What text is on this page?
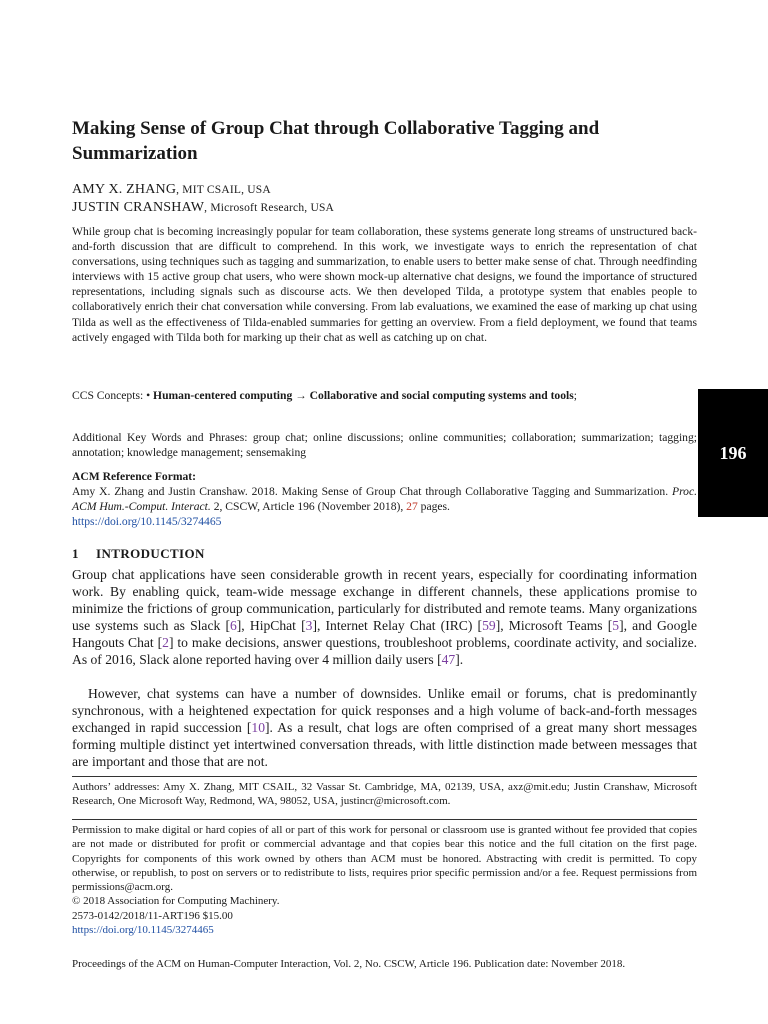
Making Sense of Group Chat through Collaborative Tagging and Summarization
AMY X. ZHANG, MIT CSAIL, USA
JUSTIN CRANSHAW, Microsoft Research, USA

While group chat is becoming increasingly popular for team collaboration, these systems generate long streams of unstructured back-and-forth discussion that are difficult to comprehend. In this work, we investigate ways to enrich the representation of chat conversations, using techniques such as tagging and summarization, to enable users to better make sense of chat. Through needfinding interviews with 15 active group chat users, who were shown mock-up alternative chat designs, we found the importance of structured representations, including signals such as discourse acts. We then developed Tilda, a prototype system that enables people to collaboratively enrich their chat conversation while conversing. From lab evaluations, we examined the ease of marking up chat using Tilda as well as the effectiveness of Tilda-enabled summaries for getting an overview. From a field deployment, we found that teams actively engaged with Tilda both for marking up their chat as well as catching up on chat.

CCS Concepts: • Human-centered computing → Collaborative and social computing systems and tools;

Additional Key Words and Phrases: group chat; online discussions; online communities; collaboration; summarization; tagging; annotation; knowledge management; sensemaking

ACM Reference Format:
Amy X. Zhang and Justin Cranshaw. 2018. Making Sense of Group Chat through Collaborative Tagging and Summarization. Proc. ACM Hum.-Comput. Interact. 2, CSCW, Article 196 (November 2018), 27 pages.
https://doi.org/10.1145/3274465

1 INTRODUCTION

Group chat applications have seen considerable growth in recent years, especially for coordinating information work. By enabling quick, team-wide message exchange in different channels, these applications promise to minimize the frictions of group communication, particularly for distributed and remote teams. Many organizations use systems such as Slack [6], HipChat [3], Internet Relay Chat (IRC) [59], Microsoft Teams [5], and Google Hangouts Chat [2] to make decisions, answer questions, troubleshoot problems, coordinate activity, and socialize. As of 2016, Slack alone reported having over 4 million daily users [47].

However, chat systems can have a number of downsides. Unlike email or forums, chat is predominantly synchronous, with a heightened expectation for quick responses and a high volume of back-and-forth messages exchanged in rapid succession [10]. As a result, chat logs are often comprised of a great many short messages forming multiple distinct yet intertwined conversation threads, with little distinction made between messages that are important and those that are not.

Authors’ addresses: Amy X. Zhang, MIT CSAIL, 32 Vassar St. Cambridge, MA, 02139, USA, axz@mit.edu; Justin Cranshaw, Microsoft Research, One Microsoft Way, Redmond, WA, 98052, USA, justincr@microsoft.com.

Permission to make digital or hard copies of all or part of this work for personal or classroom use is granted without fee provided that copies are not made or distributed for profit or commercial advantage and that copies bear this notice and the full citation on the first page. Copyrights for components of this work owned by others than ACM must be honored. Abstracting with credit is permitted. To copy otherwise, or republish, to post on servers or to redistribute to lists, requires prior specific permission and/or a fee. Request permissions from permissions@acm.org.
© 2018 Association for Computing Machinery.
2573-0142/2018/11-ART196 $15.00
https://doi.org/10.1145/3274465

Proceedings of the ACM on Human-Computer Interaction, Vol. 2, No. CSCW, Article 196. Publication date: November 2018.
196
